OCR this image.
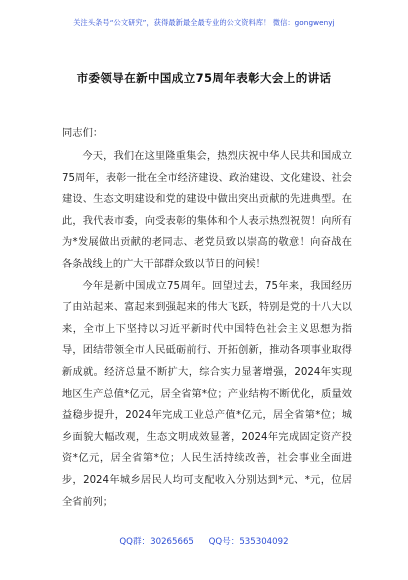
关注头条号“公文研究”，获得最新最全最专业的公文资料库！ 微信：gongwenyj
市委领导在新中国成立75周年表彰大会上的讲话
同志们：

今天，我们在这里隆重集会，热烈庆祝中华人民共和国成立75周年，表彰一批在全市经济建设、政治建设、文化建设、社会建设、生态文明建设和党的建设中做出突出贡献的先进典型。在此，我代表市委，向受表彰的集体和个人表示热烈祝贺！向所有为*发展做出贡献的老同志、老党员致以崇高的敬意！向奋战在各条战线上的广大干部群众致以节日的问候！

今年是新中国成立75周年。回望过去，75年来，我国经历了由站起来、富起来到强起来的伟大飞跃，特别是党的十八大以来，全市上下坚持以习近平新时代中国特色社会主义思想为指导，团结带领全市人民砥砺前行、开拓创新，推动各项事业取得新成就。经济总量不断扩大，综合实力显著增强，2024年实现地区生产总值*亿元，居全省第*位；产业结构不断优化，质量效益稳步提升，2024年完成工业总产值*亿元，居全省第*位；城乡面貌大幅改观，生态文明成效显著，2024年完成固定资产投资*亿元，居全省第*位；人民生活持续改善，社会事业全面进步，2024年城乡居民人均可支配收入分别达到*元、*元，位居全省前列；

QQ群：30265665 QQ号：535304092
